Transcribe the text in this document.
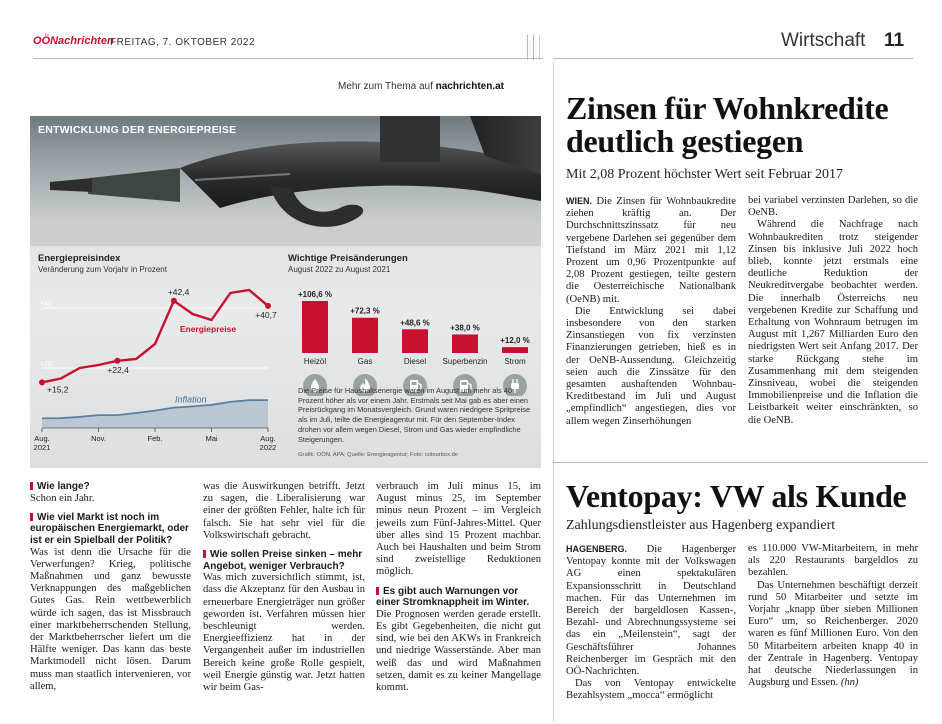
OÖNachrichten
FREITAG, 7. OKTOBER 2022	Wirtschaft 11
Mehr zum Thema auf nachrichten.at
ENTWICKLUNG DER ENERGIEPREISE
Energiepreisindex
Veränderung zum Vorjahr in Prozent
Wichtige Preisänderungen
August 2022 zu August 2021
+40
+20
Inflation
Energiepreise
+15,2
+22,4
+42,4
+40,7
Aug.
2021
Nov.	Feb.	Mai	Aug.
2022
+106,6 %
Heizöl
+72,3 %
Gas
+48,6 %
Diesel
+38,0 %
Superbenzin
+12,0 %
Strom
Die Preise für Haushaltsenergie waren im August um mehr als 40 Prozent höher als vor einem Jahr. Erstmals seit Mai gab es aber einen Preisrückgang im Monatsvergleich. Grund waren niedrigere Spritpreise als im Juli, teilte die Energieagentur mit. Für den September-Index drohen vor allem wegen Diesel, Strom und Gas wieder empfindliche Steigerungen.
Grafik: OÖN, APA; Quelle: Energieagentur; Foto: colourbox.de

Wie lange?

Schon ein Jahr.

Wie viel Markt ist noch im europäischen Energiemarkt, oder ist er ein Spielball der Politik?

Was ist denn die Ursache für die Verwerfungen? Krieg, politische Maßnahmen und ganz bewusste Verknappungen des maßgeblichen Gutes Gas. Rein wettbewerblich würde ich sagen, das ist Missbrauch einer marktbeherrschenden Stellung, der Marktbeherrscher liefert um die Hälfte weniger. Das kann das beste Marktmodell nicht lösen. Darum muss man staatlich intervenieren, vor allem,

was die Auswirkungen betrifft. Jetzt zu sagen, die Liberalisierung war einer der größten Fehler, halte ich für falsch. Sie hat sehr viel für die Volkswirtschaft gebracht.

Wie sollen Preise sinken – mehr Angebot, weniger Verbrauch?

Was mich zuversichtlich stimmt, ist, dass die Akzeptanz für den Ausbau in erneuerbare Energieträger nun größer geworden ist. Verfahren müssen hier beschleunigt werden. Energieeffizienz hat in der Vergangenheit außer im industriellen Bereich keine große Rolle gespielt, weil Energie günstig war. Jetzt hatten wir beim Gas-

verbrauch im Juli minus 15, im August minus 25, im September minus neun Prozent – im Vergleich jeweils zum Fünf-Jahres-Mittel. Quer über alles sind 15 Prozent machbar. Auch bei Haushalten und beim Strom sind zweistellige Reduktionen möglich.

Es gibt auch Warnungen vor einer Stromknappheit im Winter.

Die Prognosen werden gerade erstellt. Es gibt Gegebenheiten, die nicht gut sind, wie bei den AKWs in Frankreich und niedrige Wasserstände. Aber man weiß das und wird Maßnahmen setzen, damit es zu keiner Mangellage kommt.

Zinsen für Wohnkredite deutlich gestiegen
Mit 2,08 Prozent höchster Wert seit Februar 2017

WIEN. Die Zinsen für Wohnbaukredite ziehen kräftig an. Der Durchschnittszinssatz für neu vergebene Darlehen sei gegenüber dem Tiefstand im März 2021 mit 1,12 Prozent um 0,96 Prozentpunkte auf 2,08 Prozent gestiegen, teilte gestern die Oesterreichische Nationalbank (OeNB) mit.

Die Entwicklung sei dabei insbesondere von den starken Zinsanstiegen von fix verzinsten Finanzierungen getrieben, hieß es in der OeNB-Aussendung. Gleichzeitig seien auch die Zinssätze für den gesamten aushaftenden Wohnbau-Kreditbestand im Juli und August „empfindlich“ angestiegen, dies vor allem wegen Zinserhöhungen

bei variabel verzinsten Darlehen, so die OeNB.

Während die Nachfrage nach Wohnbaukrediten trotz steigender Zinsen bis inklusive Juli 2022 hoch blieb, konnte jetzt erstmals eine deutliche Reduktion der Neukreditvergabe beobachtet werden. Die innerhalb Österreichs neu vergebenen Kredite zur Schaffung und Erhaltung von Wohnraum betrugen im August mit 1,267 Milliarden Euro den niedrigsten Wert seit Anfang 2017. Der starke Rückgang stehe im Zusammenhang mit dem steigenden Zinsniveau, wobei die steigenden Immobilienpreise und die Inflation die Leistbarkeit weiter einschränkten, so die OeNB.

Ventopay: VW als Kunde
Zahlungsdienstleister aus Hagenberg expandiert

HAGENBERG. Die Hagenberger Ventopay konnte mit der Volkswagen AG einen spektakulären Expansionsschritt in Deutschland machen. Für das Unternehmen im Bereich der bargeldlosen Kassen-, Bezahl- und Abrechnungssysteme sei das ein „Meilenstein“, sagt der Geschäftsführer Johannes Reichenberger im Gespräch mit den OÖ-Nachrichten.

Das von Ventopay entwickelte Bezahlsystem „mocca“ ermöglicht

es 110.000 VW-Mitarbeitern, in mehr als 220 Restaurants bargeldlos zu bezahlen.

Das Unternehmen beschäftigt derzeit rund 50 Mitarbeiter und setzte im Vorjahr „knapp über sieben Millionen Euro“ um, so Reichenberger. 2020 waren es fünf Millionen Euro. Von den 50 Mitarbeitern arbeiten knapp 40 in der Zentrale in Hagenberg. Ventopay hat deutsche Niederlassungen in Augsburg und Essen. (hn)
